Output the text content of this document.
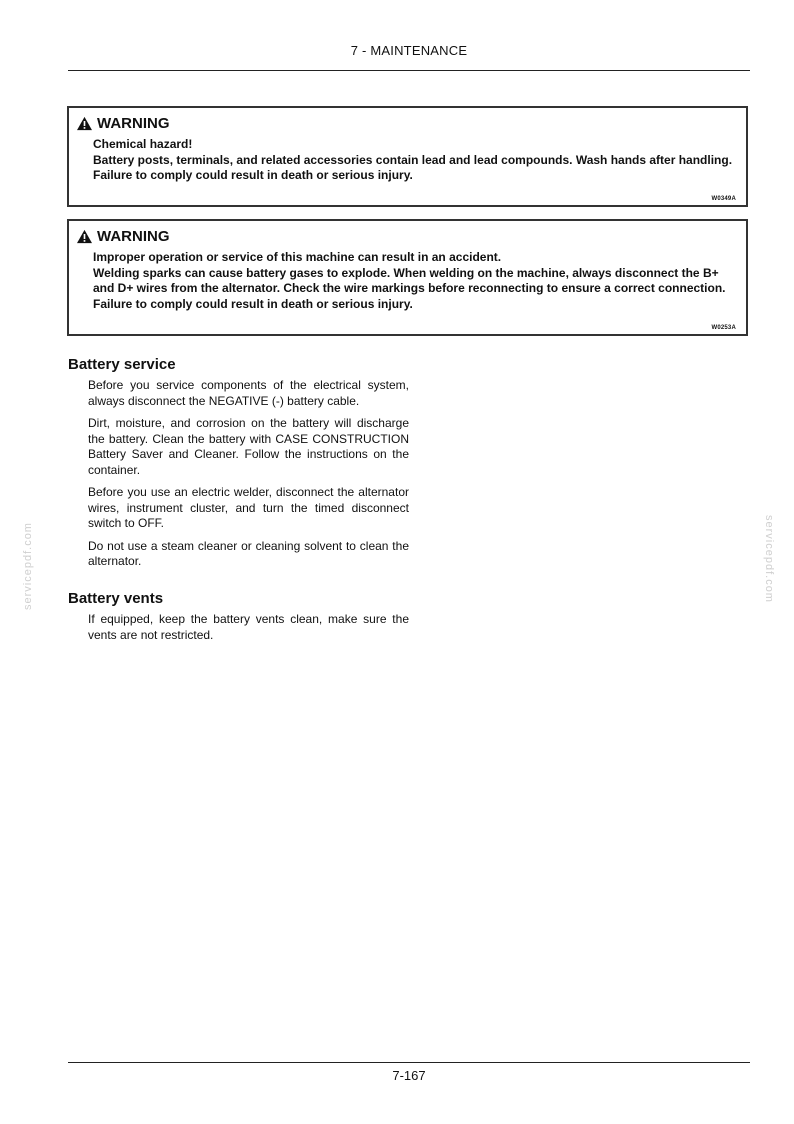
7 - MAINTENANCE
WARNING

Chemical hazard!

Battery posts, terminals, and related accessories contain lead and lead compounds. Wash hands after handling.

Failure to comply could result in death or serious injury.

W0349A
WARNING

Improper operation or service of this machine can result in an accident.

Welding sparks can cause battery gases to explode. When welding on the machine, always disconnect the B+ and D+ wires from the alternator. Check the wire markings before reconnecting to ensure a correct connection.

Failure to comply could result in death or serious injury.

W0253A
Battery service

Before you service components of the electrical system, always disconnect the NEGATIVE (-) battery cable.

Dirt, moisture, and corrosion on the battery will discharge the battery. Clean the battery with CASE CONSTRUCTION Battery Saver and Cleaner. Follow the instructions on the container.

Before you use an electric welder, disconnect the alternator wires, instrument cluster, and turn the timed disconnect switch to OFF.

Do not use a steam cleaner or cleaning solvent to clean the alternator.

Battery vents

If equipped, keep the battery vents clean, make sure the vents are not restricted.

servicepdf.com	servicepdf.com
7-167
